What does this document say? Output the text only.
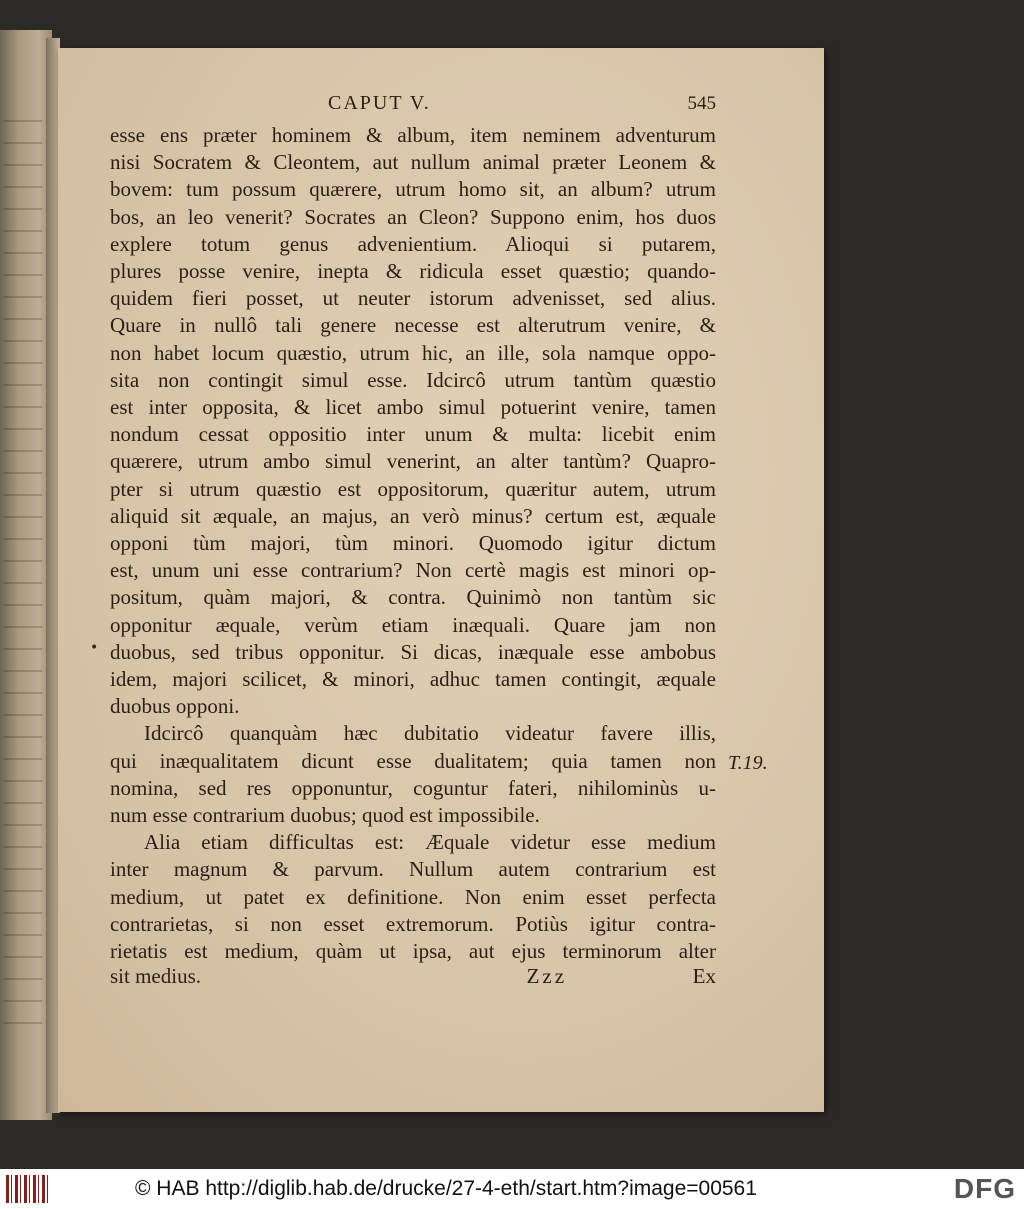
CAPUT V.	545
esse ens præter hominem & album, item neminem adventurum
nisi Socratem & Cleontem, aut nullum animal præter Leonem &
bovem: tum possum quærere, utrum homo sit, an album? utrum
bos, an leo venerit? Socrates an Cleon? Suppono enim, hos duos
explere totum genus advenientium. Alioqui si putarem,
plures posse venire, inepta & ridicula esset quæstio; quando-
quidem fieri posset, ut neuter istorum advenisset, sed alius.
Quare in nullô tali genere necesse est alterutrum venire, &
non habet locum quæstio, utrum hic, an ille, sola namque oppo-
sita non contingit simul esse. Idcircô utrum tantùm quæstio
est inter opposita, & licet ambo simul potuerint venire, tamen
nondum cessat oppositio inter unum & multa: licebit enim
quærere, utrum ambo simul venerint, an alter tantùm? Quapro-
pter si utrum quæstio est oppositorum, quæritur autem, utrum
aliquid sit æquale, an majus, an verò minus? certum est, æquale
opponi tùm majori, tùm minori. Quomodo igitur dictum
est, unum uni esse contrarium? Non certè magis est minori op-
positum, quàm majori, & contra. Quinimò non tantùm sic
opponitur æquale, verùm etiam inæquali. Quare jam non
duobus, sed tribus opponitur. Si dicas, inæquale esse ambobus
idem, majori scilicet, & minori, adhuc tamen contingit, æquale
duobus opponi.
Idcircô quanquàm hæc dubitatio videatur favere illis,
qui inæqualitatem dicunt esse dualitatem; quia tamen non
nomina, sed res opponuntur, coguntur fateri, nihilominùs u-
num esse contrarium duobus; quod est impossibile.
Alia etiam difficultas est: Æquale videtur esse medium
inter magnum & parvum. Nullum autem contrarium est
medium, ut patet ex definitione. Non enim esset perfecta
contrarietas, si non esset extremorum. Potiùs igitur contra-
rietatis est medium, quàm ut ipsa, aut ejus terminorum alter
sit medius.	Zzz	Ex
T.19.
•
© HAB http://diglib.hab.de/drucke/27-4-eth/start.htm?image=00561	DFG
